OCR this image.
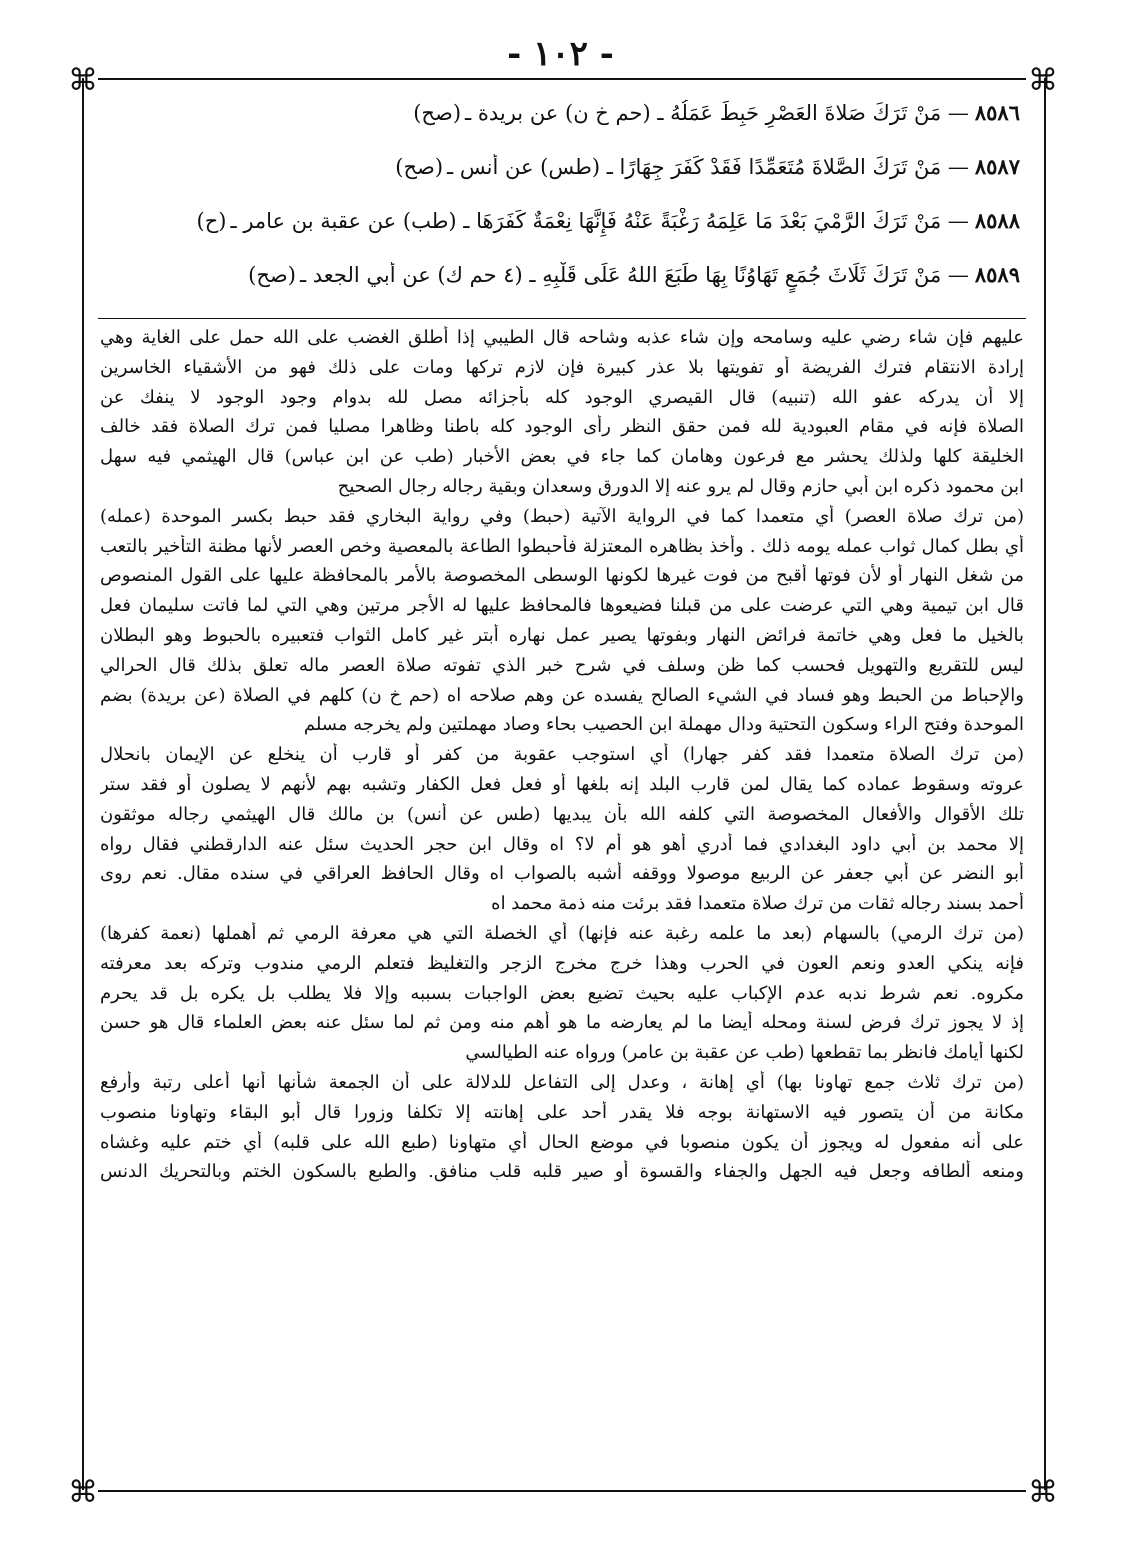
- ١٠٢ -
⌘	⌘
⌘	⌘
٨٥٨٦— مَنْ تَرَكَ صَلاةَ العَصْرِ حَبِطَ عَمَلُهُ ـ (حم خ ن) عن بريدة ـ(صح)
٨٥٨٧— مَنْ تَرَكَ الصَّلاةَ مُتَعَمِّدًا فَقَدْ كَفَرَ جِهَارًا ـ (طس) عن أنس ـ(صح)
٨٥٨٨— مَنْ تَرَكَ الرَّمْيَ بَعْدَ مَا عَلِمَهُ رَغْبَةً عَنْهُ فَإِنَّهَا نِعْمَةٌ كَفَرَهَا ـ (طب) عن عقبة بن عامر ـ(ح)
٨٥٨٩— مَنْ تَرَكَ ثَلَاثَ جُمَعٍ تَهَاوُنًا بِهَا طَبَعَ اللهُ عَلَى قَلْبِهِ ـ (٤ حم ك) عن أبي الجعد ـ(صح)
عليهم فإن شاء رضي عليه وسامحه وإن شاء عذبه وشاحه قال الطيبي إذا أطلق الغضب على الله حمل على الغاية وهي
إرادة الانتقام فترك الفريضة أو تفويتها بلا عذر كبيرة فإن لازم تركها ومات على ذلك فهو من الأشقياء الخاسرين
إلا أن يدركه عفو الله (تنبيه) قال القيصري الوجود كله بأجزائه مصل لله بدوام وجود الوجود لا ينفك عن
الصلاة فإنه في مقام العبودية لله فمن حقق النظر رأى الوجود كله باطنا وظاهرا مصليا فمن ترك الصلاة فقد خالف
الخليقة كلها ولذلك يحشر مع فرعون وهامان كما جاء في بعض الأخبار (طب عن ابن عباس) قال الهيثمي فيه سهل
ابن محمود ذكره ابن أبي حازم وقال لم يرو عنه إلا الدورق وسعدان وبقية رجاله رجال الصحيح
(من ترك صلاة العصر) أي متعمدا كما في الرواية الآتية (حبط) وفي رواية البخاري فقد حبط بكسر الموحدة (عمله)
أي بطل كمال ثواب عمله يومه ذلك . وأخذ بظاهره المعتزلة فأحبطوا الطاعة بالمعصية وخص العصر لأنها مظنة التأخير بالتعب
من شغل النهار أو لأن فوتها أقبح من فوت غيرها لكونها الوسطى المخصوصة بالأمر بالمحافظة عليها على القول المنصوص
قال ابن تيمية وهي التي عرضت على من قبلنا فضيعوها فالمحافظ عليها له الأجر مرتين وهي التي لما فاتت سليمان فعل
بالخيل ما فعل وهي خاتمة فرائض النهار وبفوتها يصير عمل نهاره أبتر غير كامل الثواب فتعبيره بالحبوط وهو البطلان
ليس للتقريع والتهويل فحسب كما ظن وسلف في شرح خبر الذي تفوته صلاة العصر ماله تعلق بذلك قال الحرالي
والإحباط من الحبط وهو فساد في الشيء الصالح يفسده عن وهم صلاحه اه (حم خ ن) كلهم في الصلاة (عن بريدة) بضم
الموحدة وفتح الراء وسكون التحتية ودال مهملة ابن الحصيب بحاء وصاد مهملتين ولم يخرجه مسلم
(من ترك الصلاة متعمدا فقد كفر جهارا) أي استوجب عقوبة من كفر أو قارب أن ينخلع عن الإيمان بانحلال
عروته وسقوط عماده كما يقال لمن قارب البلد إنه بلغها أو فعل فعل الكفار وتشبه بهم لأنهم لا يصلون أو فقد ستر
تلك الأقوال والأفعال المخصوصة التي كلفه الله بأن يبديها (طس عن أنس) بن مالك قال الهيثمي رجاله موثقون
إلا محمد بن أبي داود البغدادي فما أدري أهو هو أم لا؟ اه وقال ابن حجر الحديث سئل عنه الدارقطني فقال رواه
أبو النضر عن أبي جعفر عن الربيع موصولا ووقفه أشبه بالصواب اه وقال الحافظ العراقي في سنده مقال. نعم روى
أحمد بسند رجاله ثقات من ترك صلاة متعمدا فقد برئت منه ذمة محمد اه
(من ترك الرمي) بالسهام (بعد ما علمه رغبة عنه فإنها) أي الخصلة التي هي معرفة الرمي ثم أهملها (نعمة كفرها)
فإنه ينكي العدو ونعم العون في الحرب وهذا خرج مخرج الزجر والتغليظ فتعلم الرمي مندوب وتركه بعد معرفته
مكروه. نعم شرط ندبه عدم الإكباب عليه بحيث تضيع بعض الواجبات بسببه وإلا فلا يطلب بل يكره بل قد يحرم
إذ لا يجوز ترك فرض لسنة ومحله أيضا ما لم يعارضه ما هو أهم منه ومن ثم لما سئل عنه بعض العلماء قال هو حسن
لكنها أيامك فانظر بما تقطعها (طب عن عقبة بن عامر) ورواه عنه الطيالسي
(من ترك ثلاث جمع تهاونا بها) أي إهانة ، وعدل إلى التفاعل للدلالة على أن الجمعة شأنها أنها أعلى رتبة وأرفع
مكانة من أن يتصور فيه الاستهانة بوجه فلا يقدر أحد على إهانته إلا تكلفا وزورا قال أبو البقاء وتهاونا منصوب
على أنه مفعول له ويجوز أن يكون منصوبا في موضع الحال أي متهاونا (طبع الله على قلبه) أي ختم عليه وغشاه
ومنعه ألطافه وجعل فيه الجهل والجفاء والقسوة أو صير قلبه قلب منافق. والطبع بالسكون الختم وبالتحريك الدنس
